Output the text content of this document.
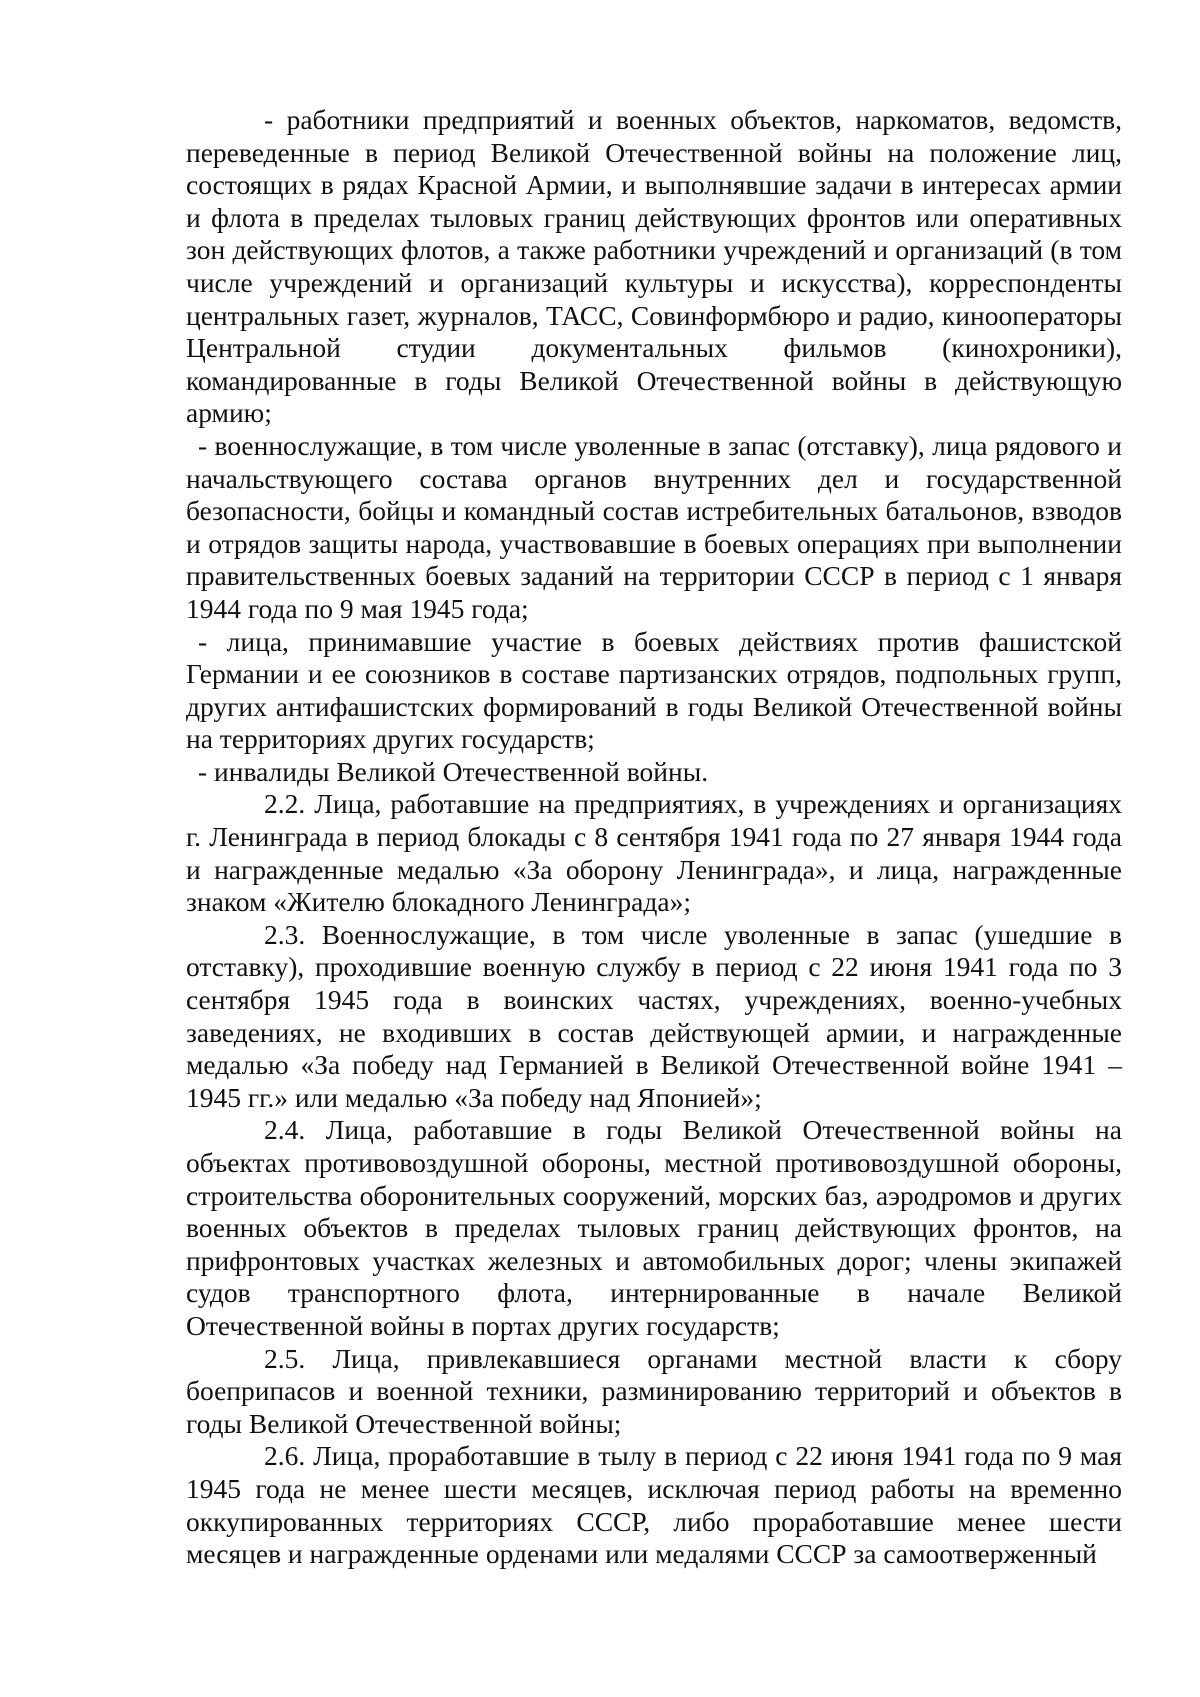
- работники предприятий и военных объектов, наркоматов, ведомств, переведенные в период Великой Отечественной войны на положение лиц, состоящих в рядах Красной Армии, и выполнявшие задачи в интересах армии и флота в пределах тыловых границ действующих фронтов или оперативных зон действующих флотов, а также работники учреждений и организаций (в том числе учреждений и организаций культуры и искусства), корреспонденты центральных газет, журналов, ТАСС, Совинформбюро и радио, кинооператоры Центральной студии документальных фильмов (кинохроники), командированные в годы Великой Отечественной войны в действующую армию;

- военнослужащие, в том числе уволенные в запас (отставку), лица рядового и начальствующего состава органов внутренних дел и государственной безопасности, бойцы и командный состав истребительных батальонов, взводов и отрядов защиты народа, участвовавшие в боевых операциях при выполнении правительственных боевых заданий на территории СССР в период с 1 января 1944 года по 9 мая 1945 года;

- лица, принимавшие участие в боевых действиях против фашистской Германии и ее союзников в составе партизанских отрядов, подпольных групп, других антифашистских формирований в годы Великой Отечественной войны на территориях других государств;

- инвалиды Великой Отечественной войны.

2.2. Лица, работавшие на предприятиях, в учреждениях и организациях г. Ленинграда в период блокады с 8 сентября 1941 года по 27 января 1944 года и награжденные медалью «За оборону Ленинграда», и лица, награжденные знаком «Жителю блокадного Ленинграда»;

2.3. Военнослужащие, в том числе уволенные в запас (ушедшие в отставку), проходившие военную службу в период с 22 июня 1941 года по 3 сентября 1945 года в воинских частях, учреждениях, военно-учебных заведениях, не входивших в состав действующей армии, и награжденные медалью «За победу над Германией в Великой Отечественной войне 1941 – 1945 гг.» или медалью «За победу над Японией»;

2.4. Лица, работавшие в годы Великой Отечественной войны на объектах противовоздушной обороны, местной противовоздушной обороны, строительства оборонительных сооружений, морских баз, аэродромов и других военных объектов в пределах тыловых границ действующих фронтов, на прифронтовых участках железных и автомобильных дорог; члены экипажей судов транспортного флота, интернированные в начале Великой Отечественной войны в портах других государств;

2.5. Лица, привлекавшиеся органами местной власти к сбору боеприпасов и военной техники, разминированию территорий и объектов в годы Великой Отечественной войны;

2.6. Лица, проработавшие в тылу в период с 22 июня 1941 года по 9 мая 1945 года не менее шести месяцев, исключая период работы на временно оккупированных территориях СССР, либо проработавшие менее шести месяцев и награжденные орденами или медалями СССР за самоотверженный
